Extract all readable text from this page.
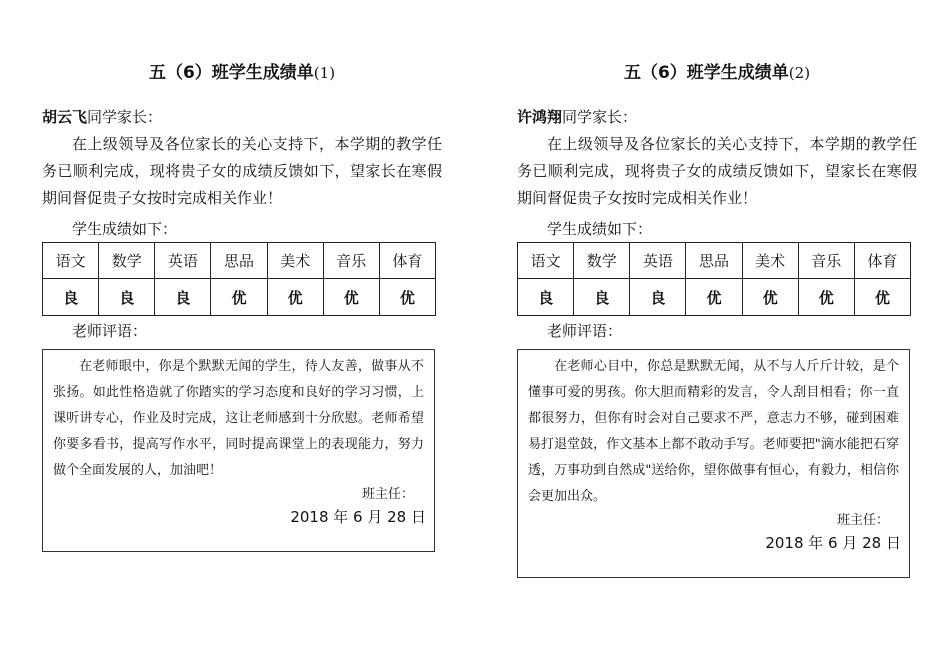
五（6）班学生成绩单(1)
胡云飞同学家长：
在上级领导及各位家长的关心支持下，本学期的教学任务已顺利完成，现将贵子女的成绩反馈如下，望家长在寒假期间督促贵子女按时完成相关作业！
学生成绩如下：
语文	数学	英语	思品	美术	音乐	体育
良	良	良	优	优	优	优
老师评语：
在老师眼中，你是个默默无闻的学生，待人友善，做事从不张扬。如此性格造就了你踏实的学习态度和良好的学习习惯，上课听讲专心，作业及时完成，这让老师感到十分欣慰。老师希望你要多看书，提高写作水平，同时提高课堂上的表现能力，努力做个全面发展的人，加油吧！
班主任：
2018 年 6 月 28 日
五（6）班学生成绩单(2)
许鸿翔同学家长：
在上级领导及各位家长的关心支持下，本学期的教学任务已顺利完成，现将贵子女的成绩反馈如下，望家长在寒假期间督促贵子女按时完成相关作业！
学生成绩如下：
语文	数学	英语	思品	美术	音乐	体育
良	良	良	优	优	优	优
老师评语：
在老师心目中，你总是默默无闻，从不与人斤斤计较，是个懂事可爱的男孩。你大胆而精彩的发言，令人刮目相看；你一直都很努力，但你有时会对自己要求不严，意志力不够，碰到困难易打退堂鼓，作文基本上都不敢动手写。老师要把"滴水能把石穿透，万事功到自然成"送给你，望你做事有恒心，有毅力，相信你会更加出众。
班主任：
2018 年 6 月 28 日
